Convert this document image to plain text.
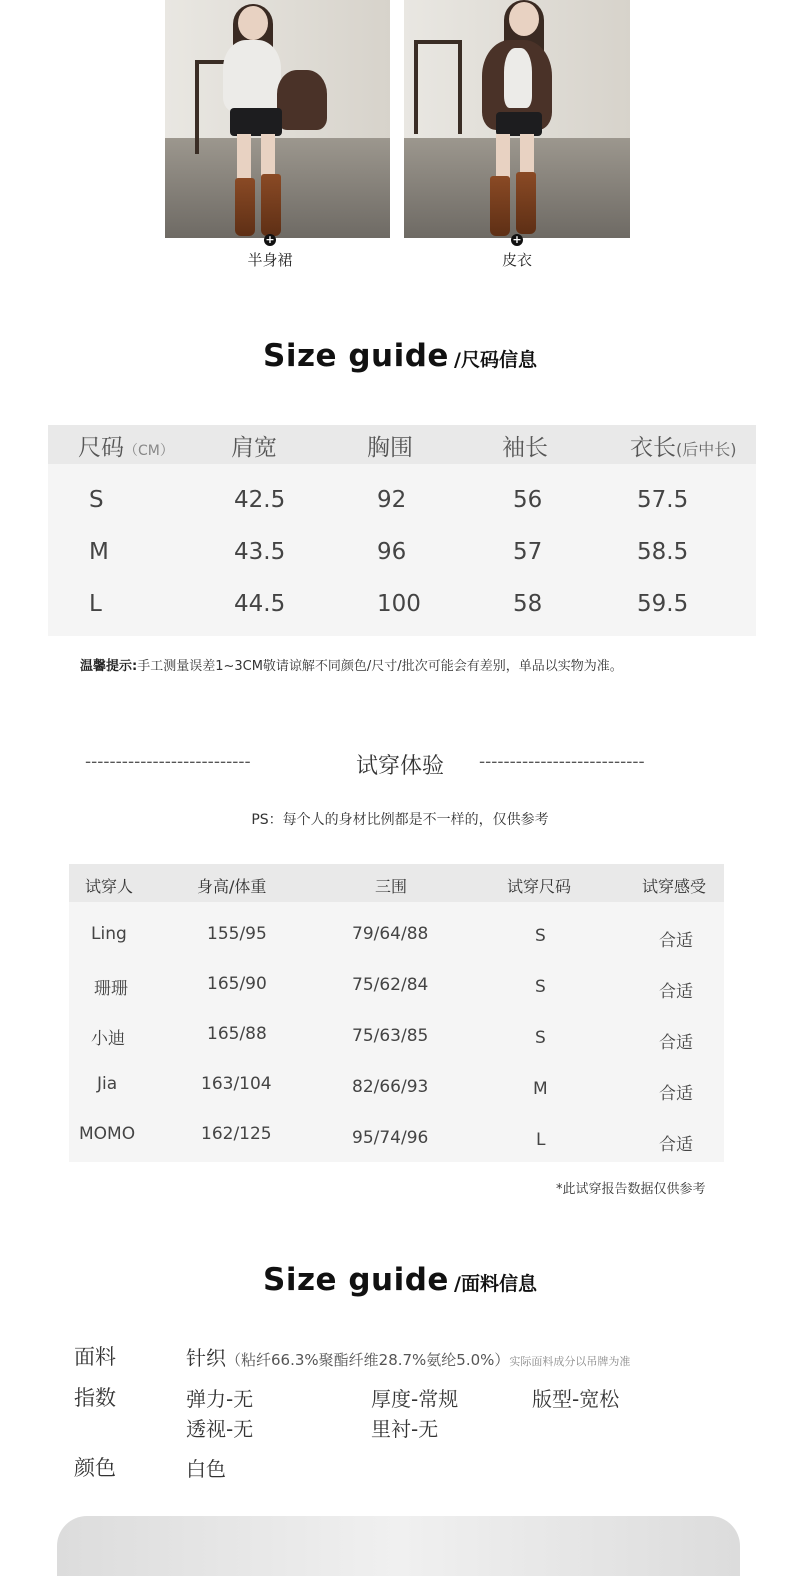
+
半身裙
+
皮衣
Size guide /尺码信息
尺码（CM） 肩宽	胸围	袖长	衣长(后中长)
S	42.5	92	56	57.5
M	43.5	96	57	58.5
L	44.5	100	58	59.5
温馨提示:手工测量误差1~3CM敬请谅解不同颜色/尺寸/批次可能会有差别，单品以实物为准。
---------------------------	试穿体验	---------------------------
PS：每个人的身材比例都是不一样的，仅供参考
试穿人	身高/体重	三围	试穿尺码	试穿感受
Ling	155/95	79/64/88	S	合适
珊珊	165/90	75/62/84	S	合适
小迪	165/88	75/63/85	S	合适
Jia	163/104	82/66/93	M	合适
MOMO	162/125	95/74/96	L	合适
*此试穿报告数据仅供参考
Size guide /面料信息
面料	针织（粘纤66.3%聚酯纤维28.7%氨纶5.0%）实际面料成分以吊牌为准
指数	弹力-无	厚度-常规	版型-宽松
透视-无	里衬-无
颜色	白色
